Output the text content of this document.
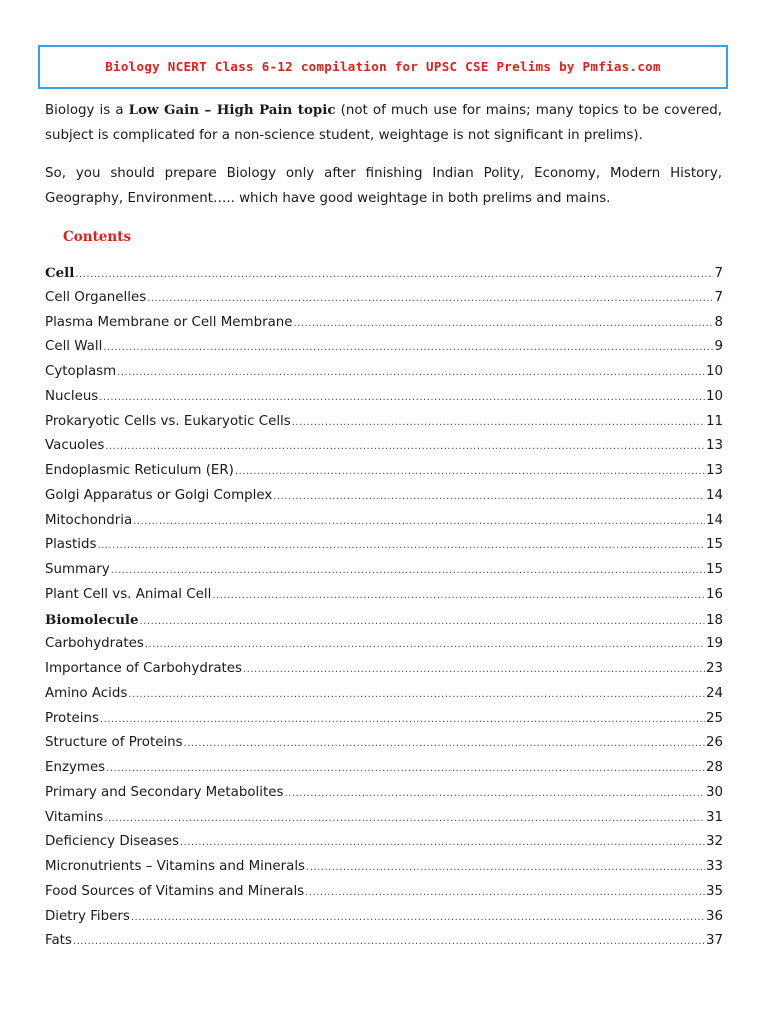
Biology NCERT Class 6-12 compilation for UPSC CSE Prelims by Pmfias.com

Biology is a Low Gain – High Pain topic (not of much use for mains; many topics to be covered, subject is complicated for a non-science student, weightage is not significant in prelims).

So, you should prepare Biology only after finishing Indian Polity, Economy, Modern History, Geography, Environment….. which have good weightage in both prelims and mains.

Contents
Cell .....	7
Cell Organelles .....	7
Plasma Membrane or Cell Membrane .....	8
Cell Wall .....	9
Cytoplasm .....	10
Nucleus .....	10
Prokaryotic Cells vs. Eukaryotic Cells .....	11
Vacuoles .....	13
Endoplasmic Reticulum (ER) .....	13
Golgi Apparatus or Golgi Complex .....	14
Mitochondria .....	14
Plastids .....	15
Summary .....	15
Plant Cell vs. Animal Cell .....	16
Biomolecule .....	18
Carbohydrates .....	19
Importance of Carbohydrates .....	23
Amino Acids .....	24
Proteins .....	25
Structure of Proteins .....	26
Enzymes .....	28
Primary and Secondary Metabolites .....	30
Vitamins .....	31
Deficiency Diseases .....	32
Micronutrients – Vitamins and Minerals .....	33
Food Sources of Vitamins and Minerals .....	35
Dietry Fibers .....	36
Fats .....	37
